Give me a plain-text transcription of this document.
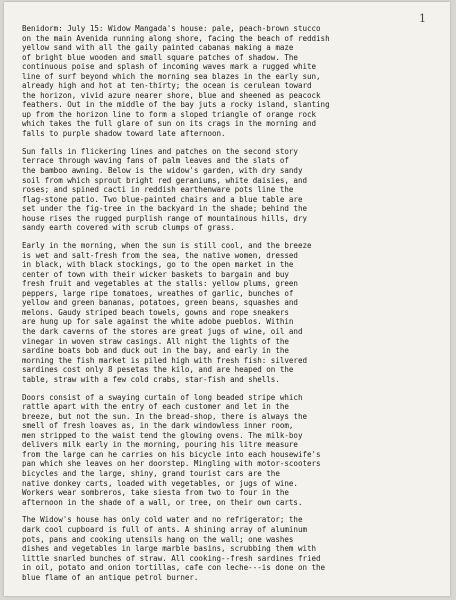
1
Benidorm: July 15: Widow Mangada's house: pale, peach-brown stucco
on the main Avenida running along shore, facing the beach of reddish
yellow sand with all the gaily painted cabanas making a maze
of bright blue wooden and small square patches of shadow. The
continuous poise and splash of incoming waves mark a rugged white
line of surf beyond which the morning sea blazes in the early sun,
already high and hot at ten-thirty; the ocean is cerulean toward
the horizon, vivid azure nearer shore, blue and sheened as peacock
feathers. Out in the middle of the bay juts a rocky island, slanting
up from the horizon line to form a sloped triangle of orange rock
which takes the full glare of sun on its crags in the morning and
falls to purple shadow toward late afternoon.
Sun falls in flickering lines and patches on the second story
terrace through waving fans of palm leaves and the slats of
the bamboo awning. Below is the widow's garden, with dry sandy
soil from which sprout bright red geraniums, white daisies, and
roses; and spined cacti in reddish earthenware pots line the
flag-stone patio. Two blue-painted chairs and a blue table are
set under the fig-tree in the backyard in the shade; behind the
house rises the rugged purplish range of mountainous hills, dry
sandy earth covered with scrub clumps of grass.
Early in the morning, when the sun is still cool, and the breeze
is wet and salt-fresh from the sea, the native women, dressed
in black, with black stockings, go to the open market in the
center of town with their wicker baskets to bargain and buy
fresh fruit and vegetables at the stalls: yellow plums, green
peppers, large ripe tomatoes, wreathes of garlic, bunches of
yellow and green bananas, potatoes, green beans, squashes and
melons. Gaudy striped beach towels, gowns and rope sneakers
are hung up for sale against the white adobe pueblos. Within
the dark caverns of the stores are great jugs of wine, oil and
vinegar in woven straw casings. All night the lights of the
sardine boats bob and duck out in the bay, and early in the
morning the fish market is piled high with fresh fish: silvered
sardines cost only 8 pesetas the kilo, and are heaped on the
table, straw with a few cold crabs, star-fish and shells.
Doors consist of a swaying curtain of long beaded stripe which
rattle apart with the entry of each customer and let in the
breeze, but not the sun. In the bread-shop, there is always the
smell of fresh loaves as, in the dark windowless inner room,
men stripped to the waist tend the glowing ovens. The milk-boy
delivers milk early in the morning, pouring his litre measure
from the large can he carries on his bicycle into each housewife's
pan which she leaves on her doorstep. Mingling with motor-scooters
bicycles and the large, shiny, grand tourist cars are the
native donkey carts, loaded with vegetables, or jugs of wine.
Workers wear sombreros, take siesta from two to four in the
afternoon in the shade of a wall, or tree, on their own carts.
The Widow's house has only cold water and no refrigerator; the
dark cool cupboard is full of ants. A shining array of aluminum
pots, pans and cooking utensils hang on the wall; one washes
dishes and vegetables in large marble basins, scrubbing them with
little snarled bunches of straw. All cooking--fresh sardines fried
in oil, potato and onion tortillas, cafe con leche---is done on the
blue flame of an antique petrol burner.
